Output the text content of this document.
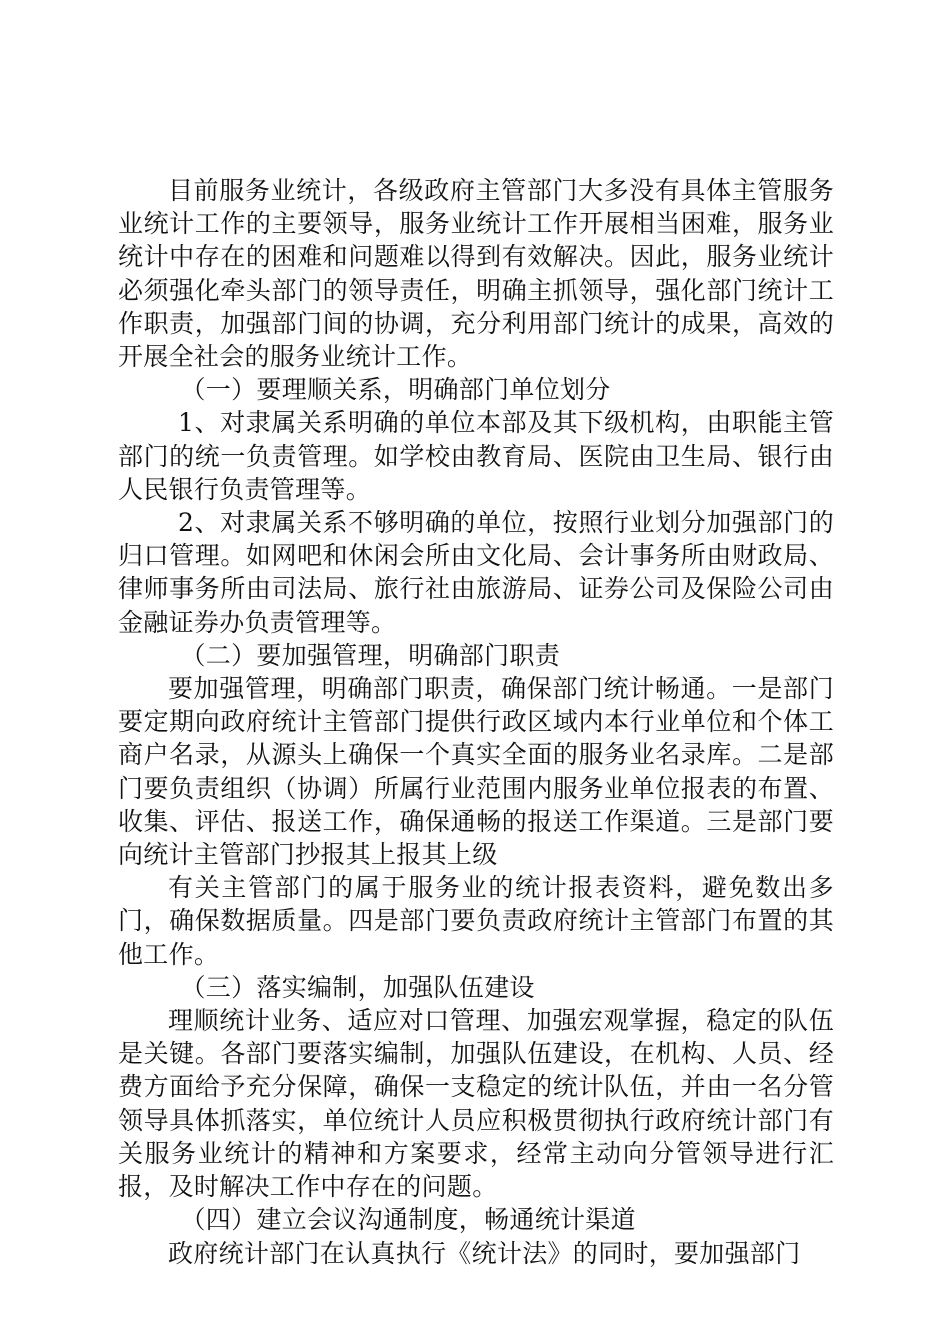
目前服务业统计，各级政府主管部门大多没有具体主管服务业统计工作的主要领导，服务业统计工作开展相当困难，服务业统计中存在的困难和问题难以得到有效解决。因此，服务业统计必须强化牵头部门的领导责任，明确主抓领导，强化部门统计工作职责，加强部门间的协调，充分利用部门统计的成果，高效的开展全社会的服务业统计工作。

（一）要理顺关系，明确部门单位划分

1、对隶属关系明确的单位本部及其下级机构，由职能主管部门的统一负责管理。如学校由教育局、医院由卫生局、银行由人民银行负责管理等。

2、对隶属关系不够明确的单位，按照行业划分加强部门的归口管理。如网吧和休闲会所由文化局、会计事务所由财政局、律师事务所由司法局、旅行社由旅游局、证券公司及保险公司由金融证券办负责管理等。

（二）要加强管理，明确部门职责

要加强管理，明确部门职责，确保部门统计畅通。一是部门要定期向政府统计主管部门提供行政区域内本行业单位和个体工商户名录，从源头上确保一个真实全面的服务业名录库。二是部门要负责组织（协调）所属行业范围内服务业单位报表的布置、收集、评估、报送工作，确保通畅的报送工作渠道。三是部门要向统计主管部门抄报其上报其上级

有关主管部门的属于服务业的统计报表资料，避免数出多门，确保数据质量。四是部门要负责政府统计主管部门布置的其他工作。

（三）落实编制，加强队伍建设

理顺统计业务、适应对口管理、加强宏观掌握，稳定的队伍是关键。各部门要落实编制，加强队伍建设，在机构、人员、经费方面给予充分保障，确保一支稳定的统计队伍，并由一名分管领导具体抓落实，单位统计人员应积极贯彻执行政府统计部门有关服务业统计的精神和方案要求，经常主动向分管领导进行汇报，及时解决工作中存在的问题。

（四）建立会议沟通制度，畅通统计渠道

政府统计部门在认真执行《统计法》的同时，要加强部门
